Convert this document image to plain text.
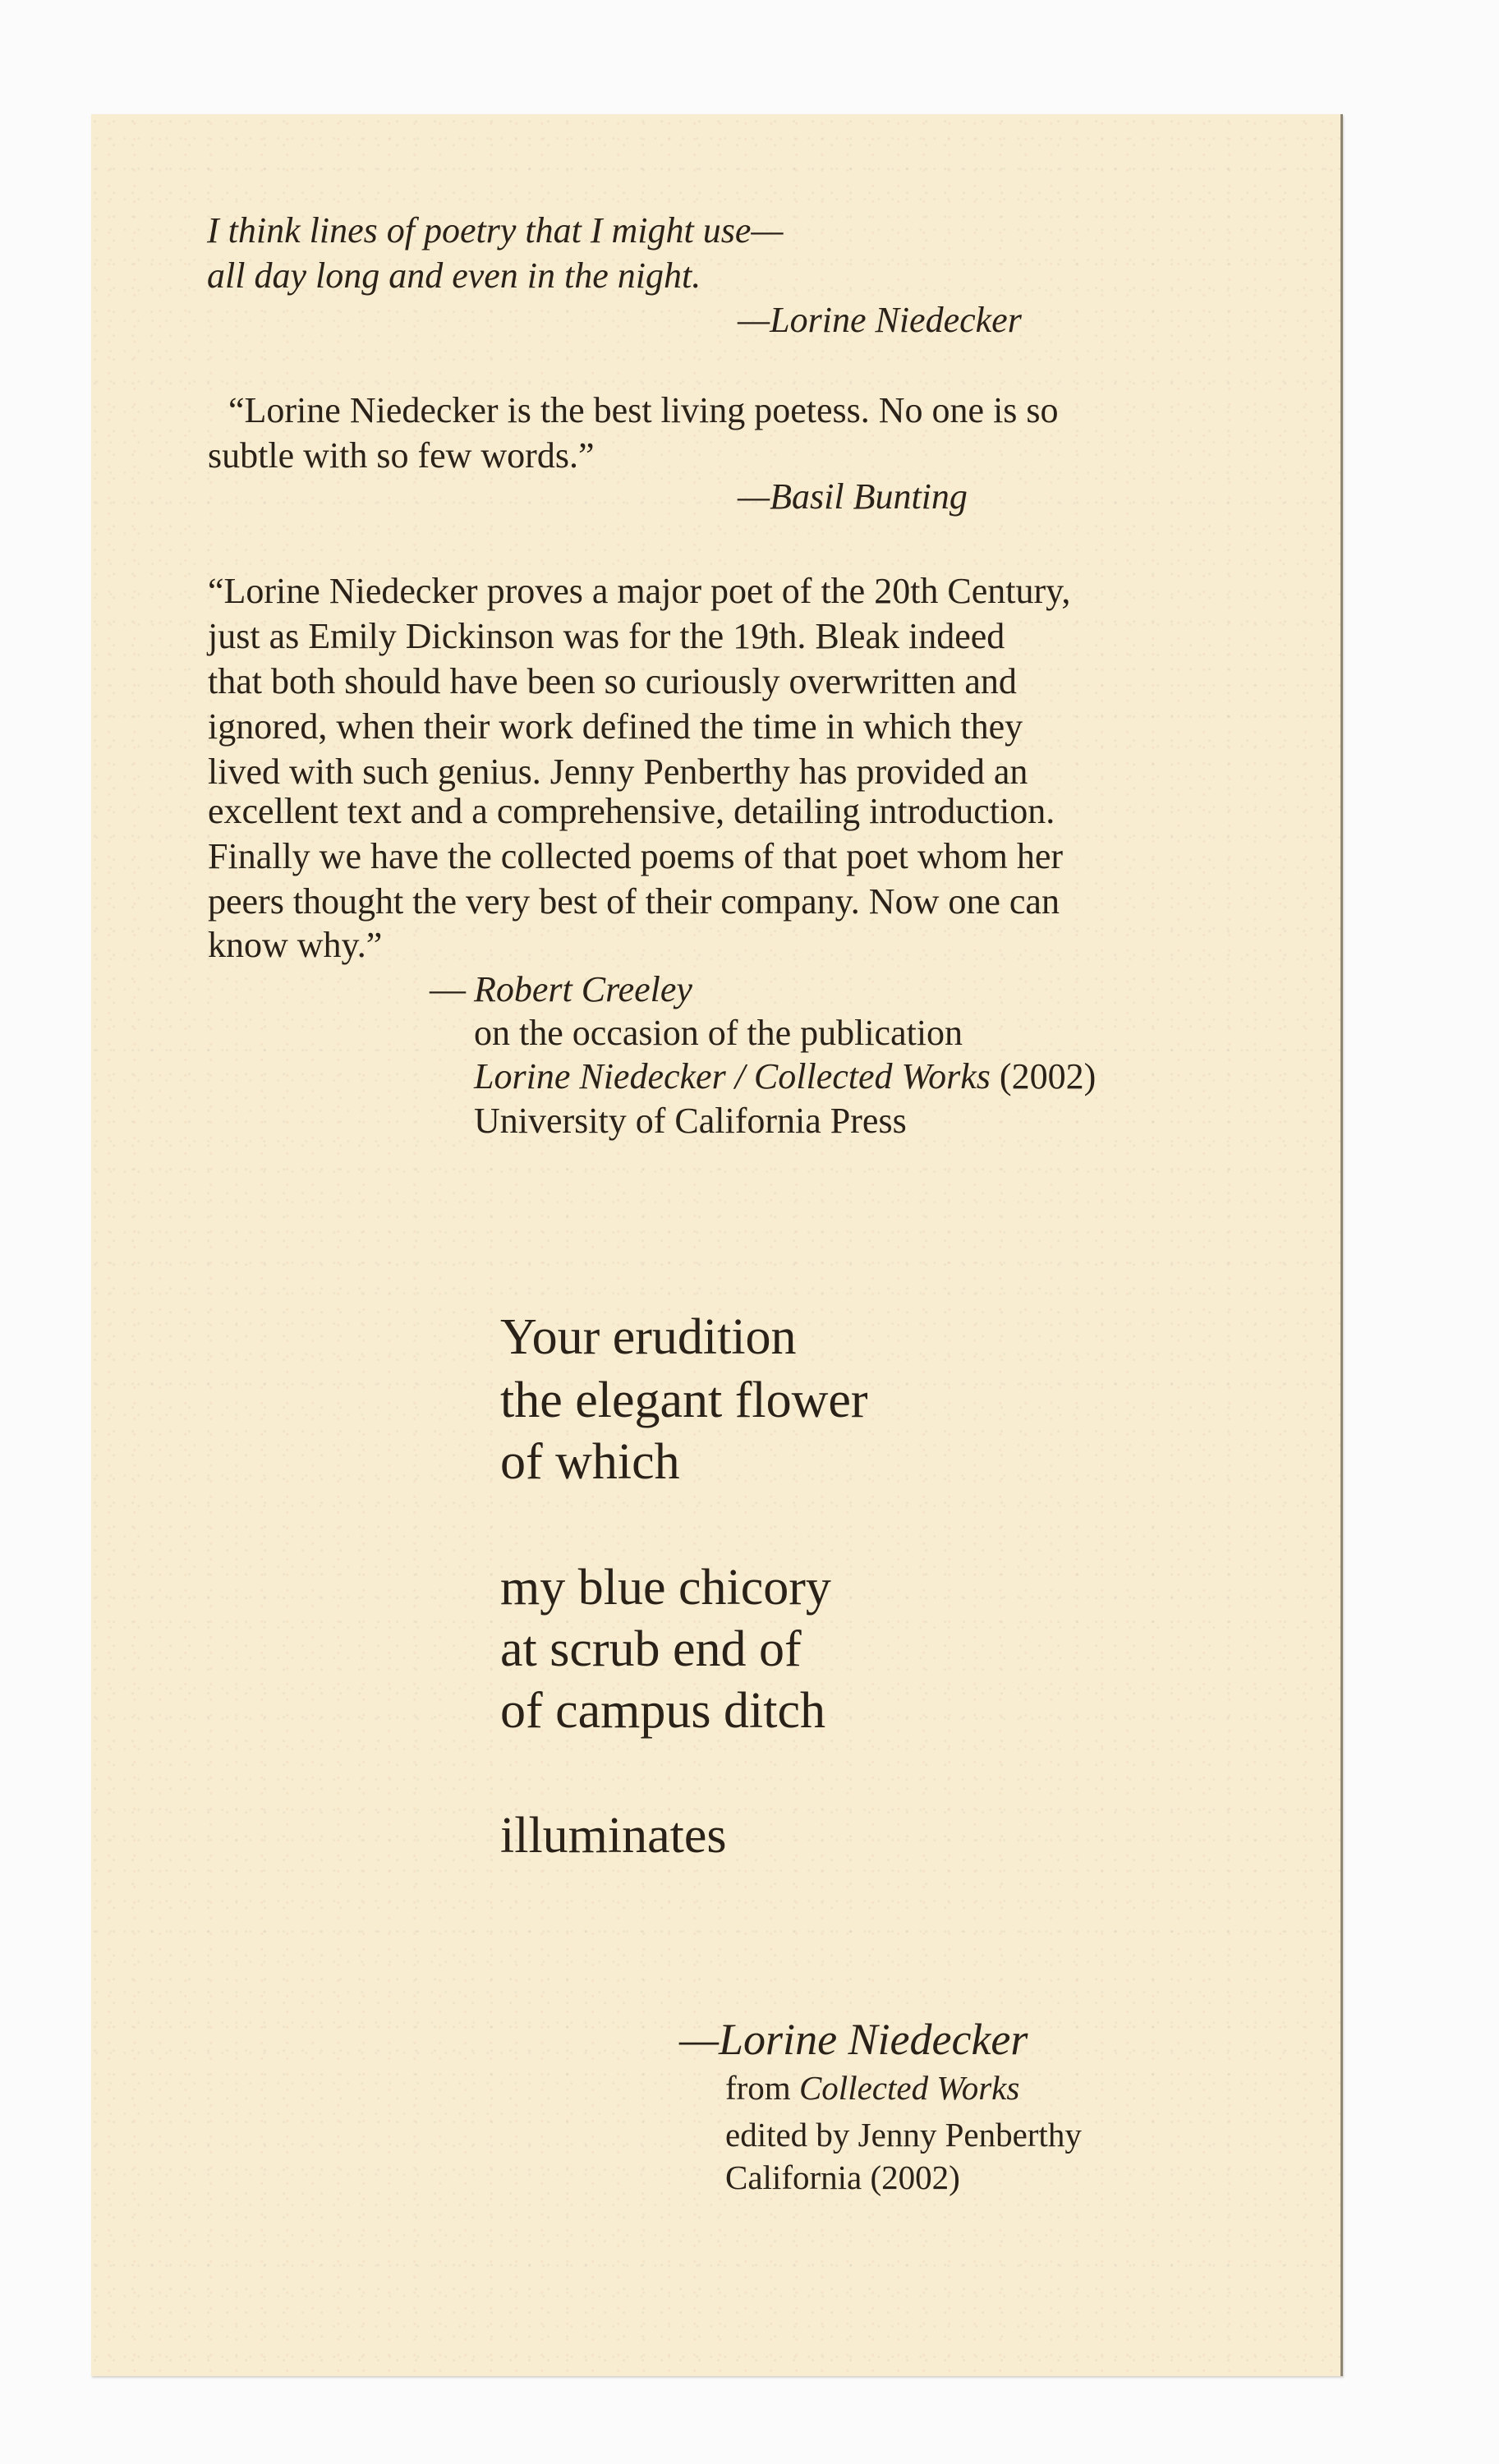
I think lines of poetry that I might use—

all day long and even in the night.

—Lorine Niedecker

“Lorine Niedecker is the best living poetess. No one is so

subtle with so few words.”

—Basil Bunting

“Lorine Niedecker proves a major poet of the 20th Century,

just as Emily Dickinson was for the 19th. Bleak indeed

that both should have been so curiously overwritten and

ignored, when their work defined the time in which they

lived with such genius. Jenny Penberthy has provided an

excellent text and a comprehensive, detailing introduction.

Finally we have the collected poems of that poet whom her

peers thought the very best of their company. Now one can

know why.”

— Robert Creeley

on the occasion of the publication

Lorine Niedecker / Collected Works (2002)

University of California Press

Your erudition

the elegant flower

of which

my blue chicory

at scrub end of

of campus ditch

illuminates

—Lorine Niedecker

from Collected Works

edited by Jenny Penberthy

California (2002)
